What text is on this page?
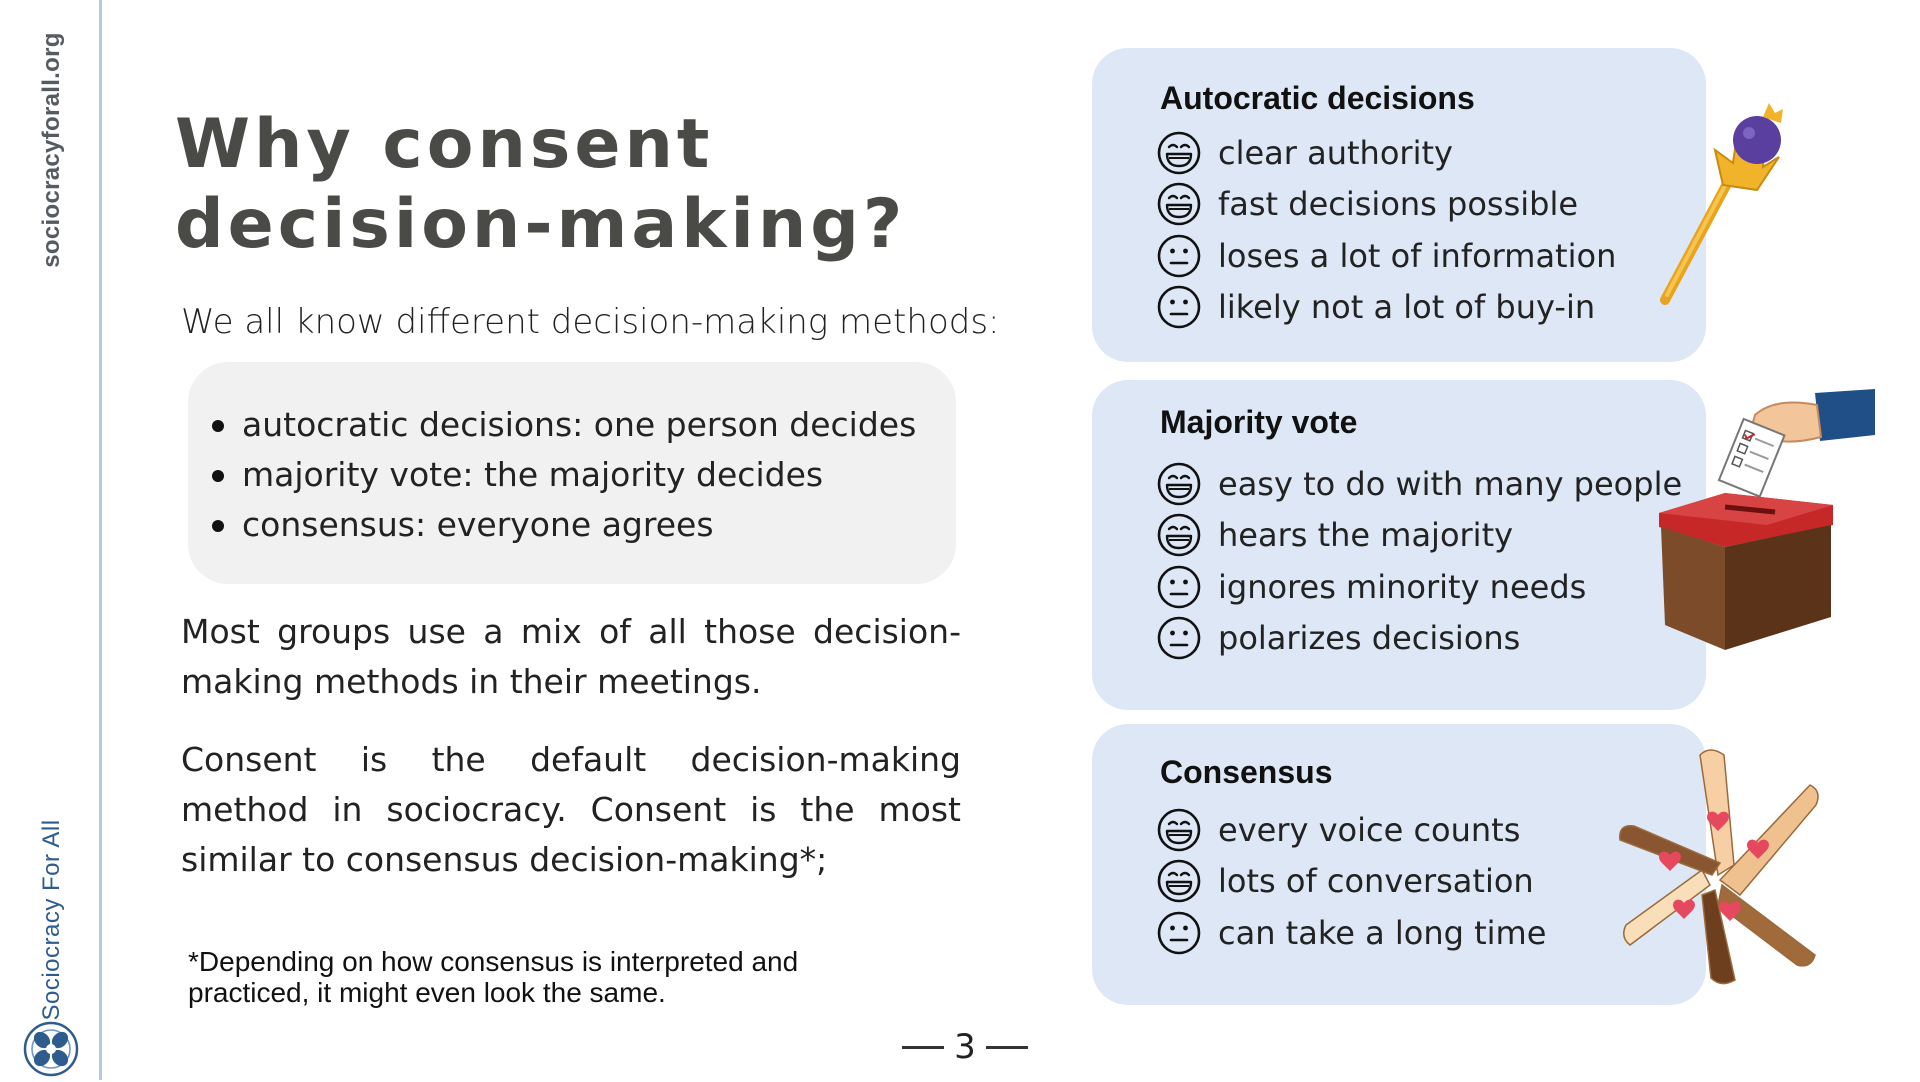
sociocracyforall.org
Sociocracy For All
Why consent decision-making?
We all know different decision-making methods:
autocratic decisions: one person decides
majority vote: the majority decides
consensus: everyone agrees

Most groups use a mix of all those decision-making methods in their meetings.

Consent is the default decision-making method in sociocracy. Consent is the most similar to consensus decision-making*;

*Depending on how consensus is interpreted and practiced, it might even look the same.

3
Autocratic decisions
clear authority
fast decisions possible
loses a lot of information
likely not a lot of buy-in
Majority vote
easy to do with many people
hears the majority
ignores minority needs
polarizes decisions
Consensus
every voice counts
lots of conversation
can take a long time
